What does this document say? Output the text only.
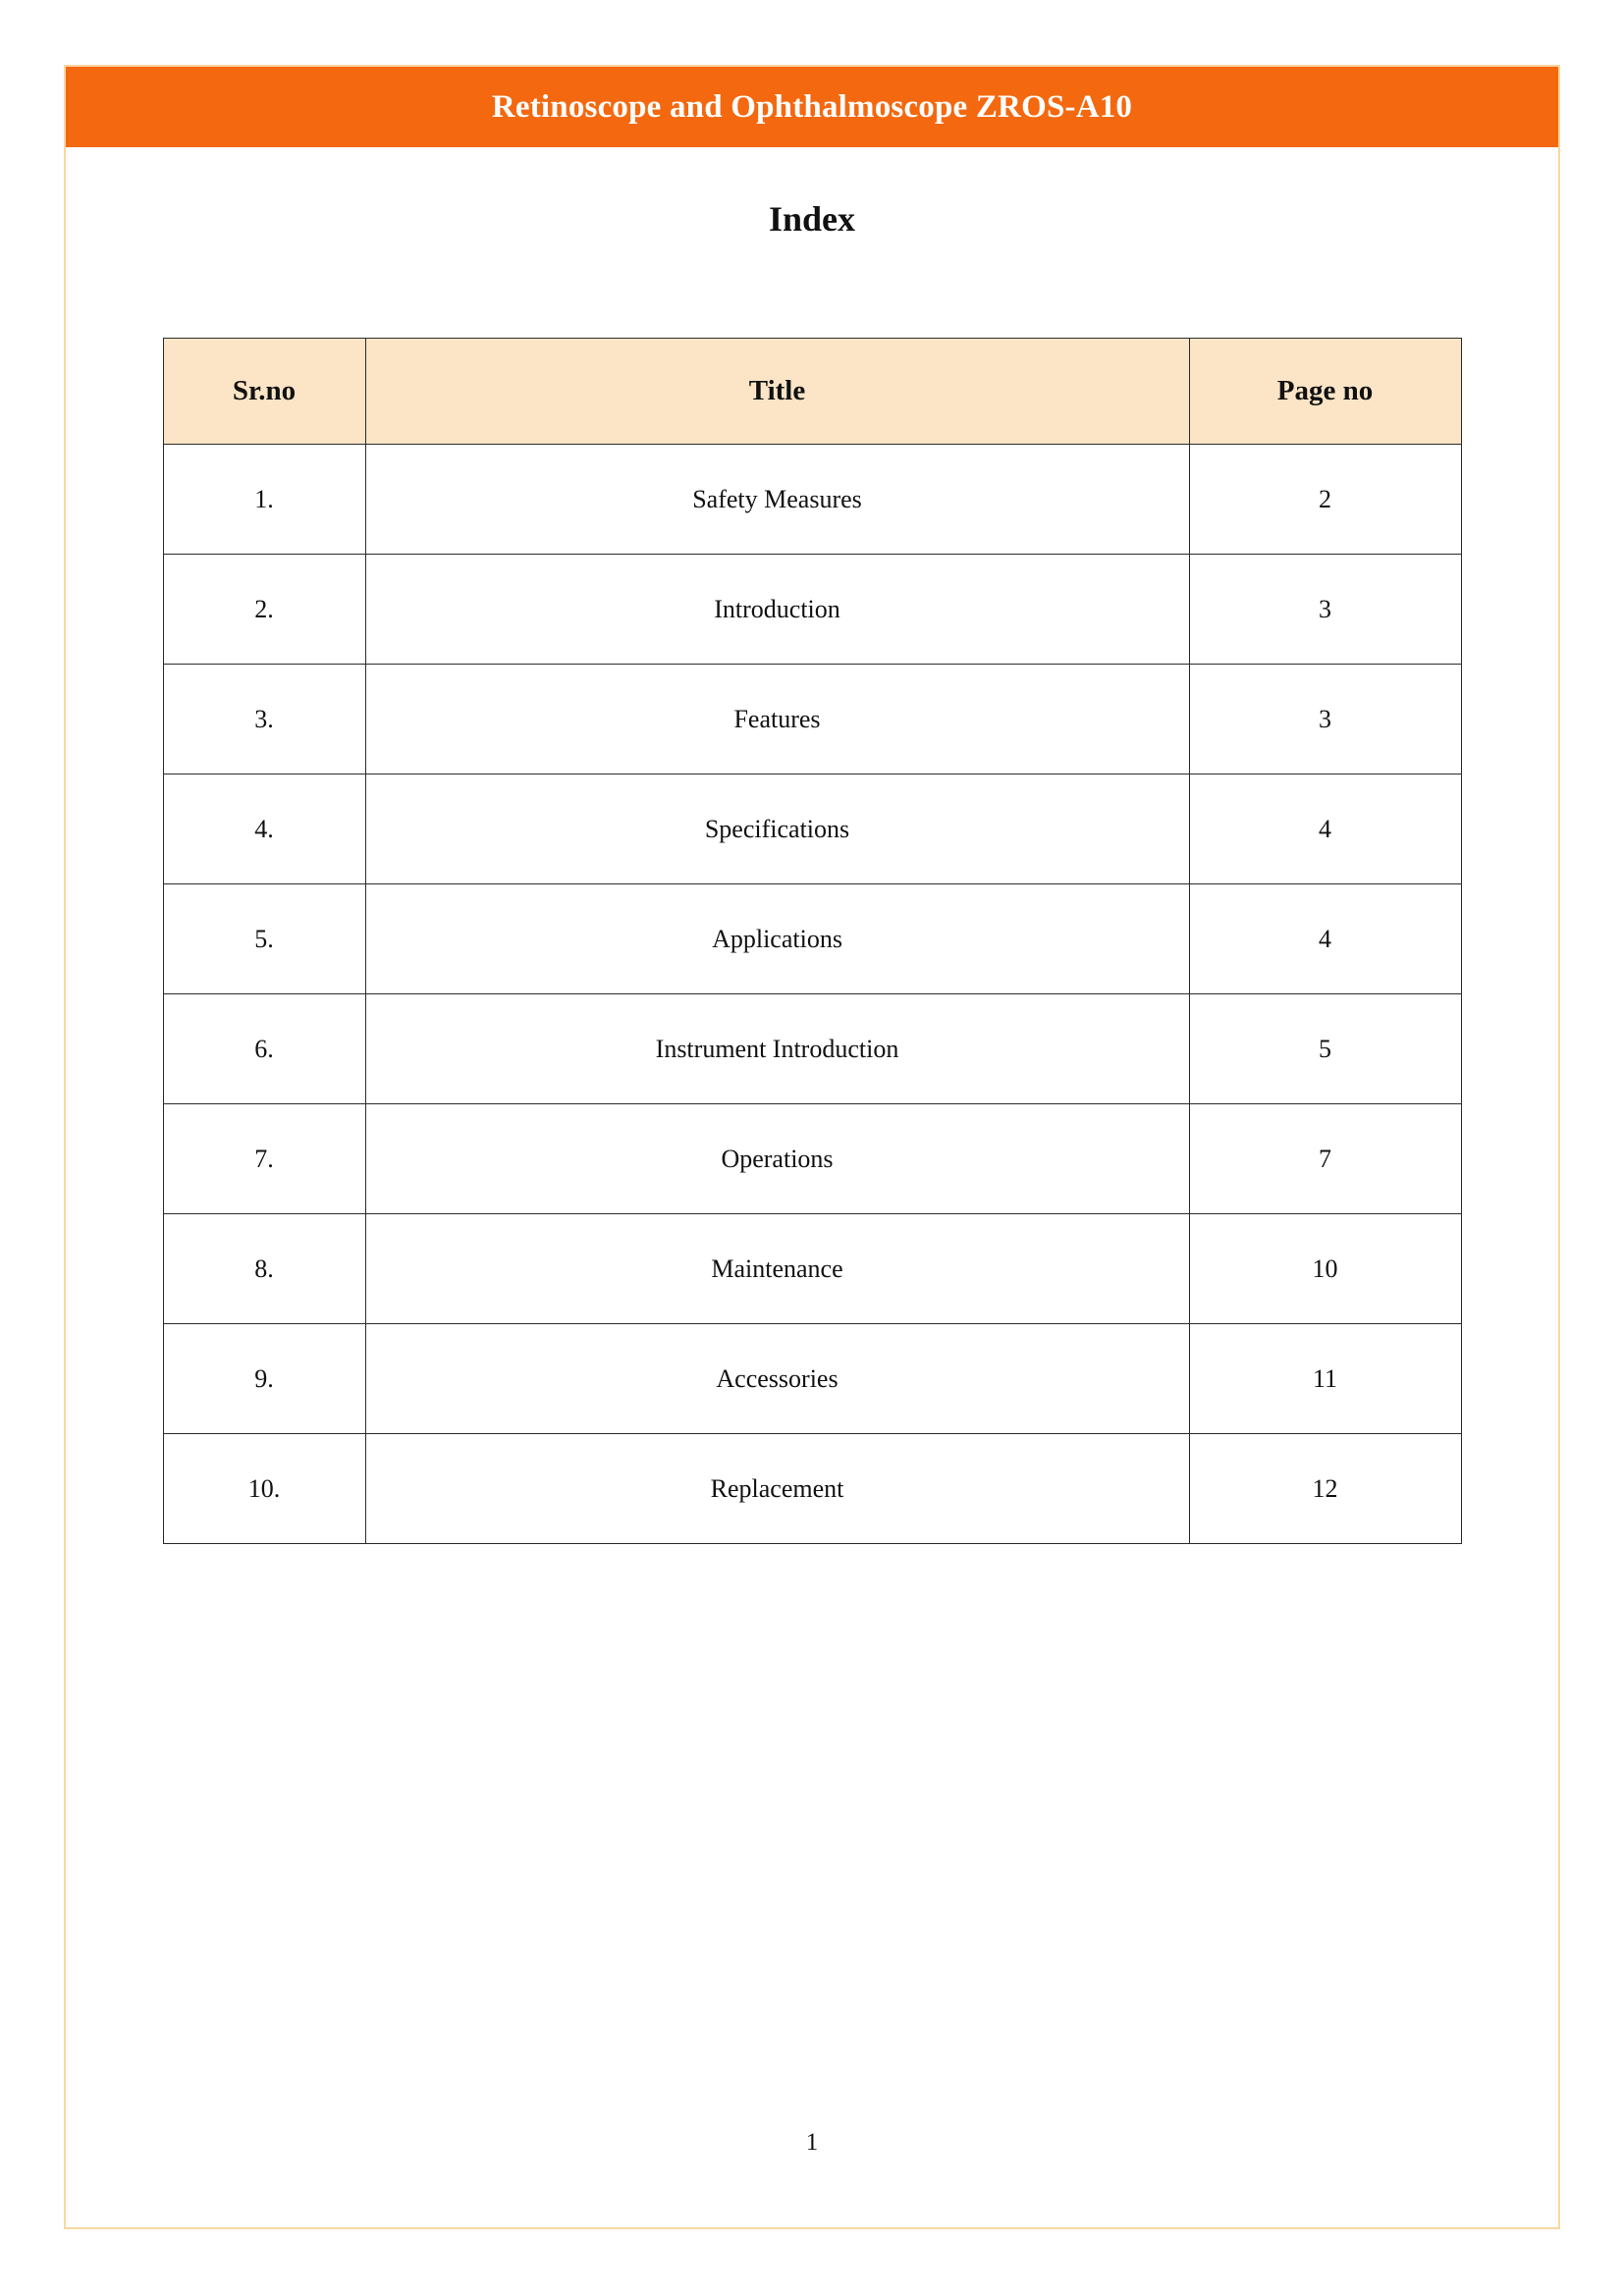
Retinoscope and Ophthalmoscope ZROS-A10
Index
Sr.no	Title	Page no
1.	Safety Measures	2
2.	Introduction	3
3.	Features	3
4.	Specifications	4
5.	Applications	4
6.	Instrument Introduction	5
7.	Operations	7
8.	Maintenance	10
9.	Accessories	11
10.	Replacement	12
1
